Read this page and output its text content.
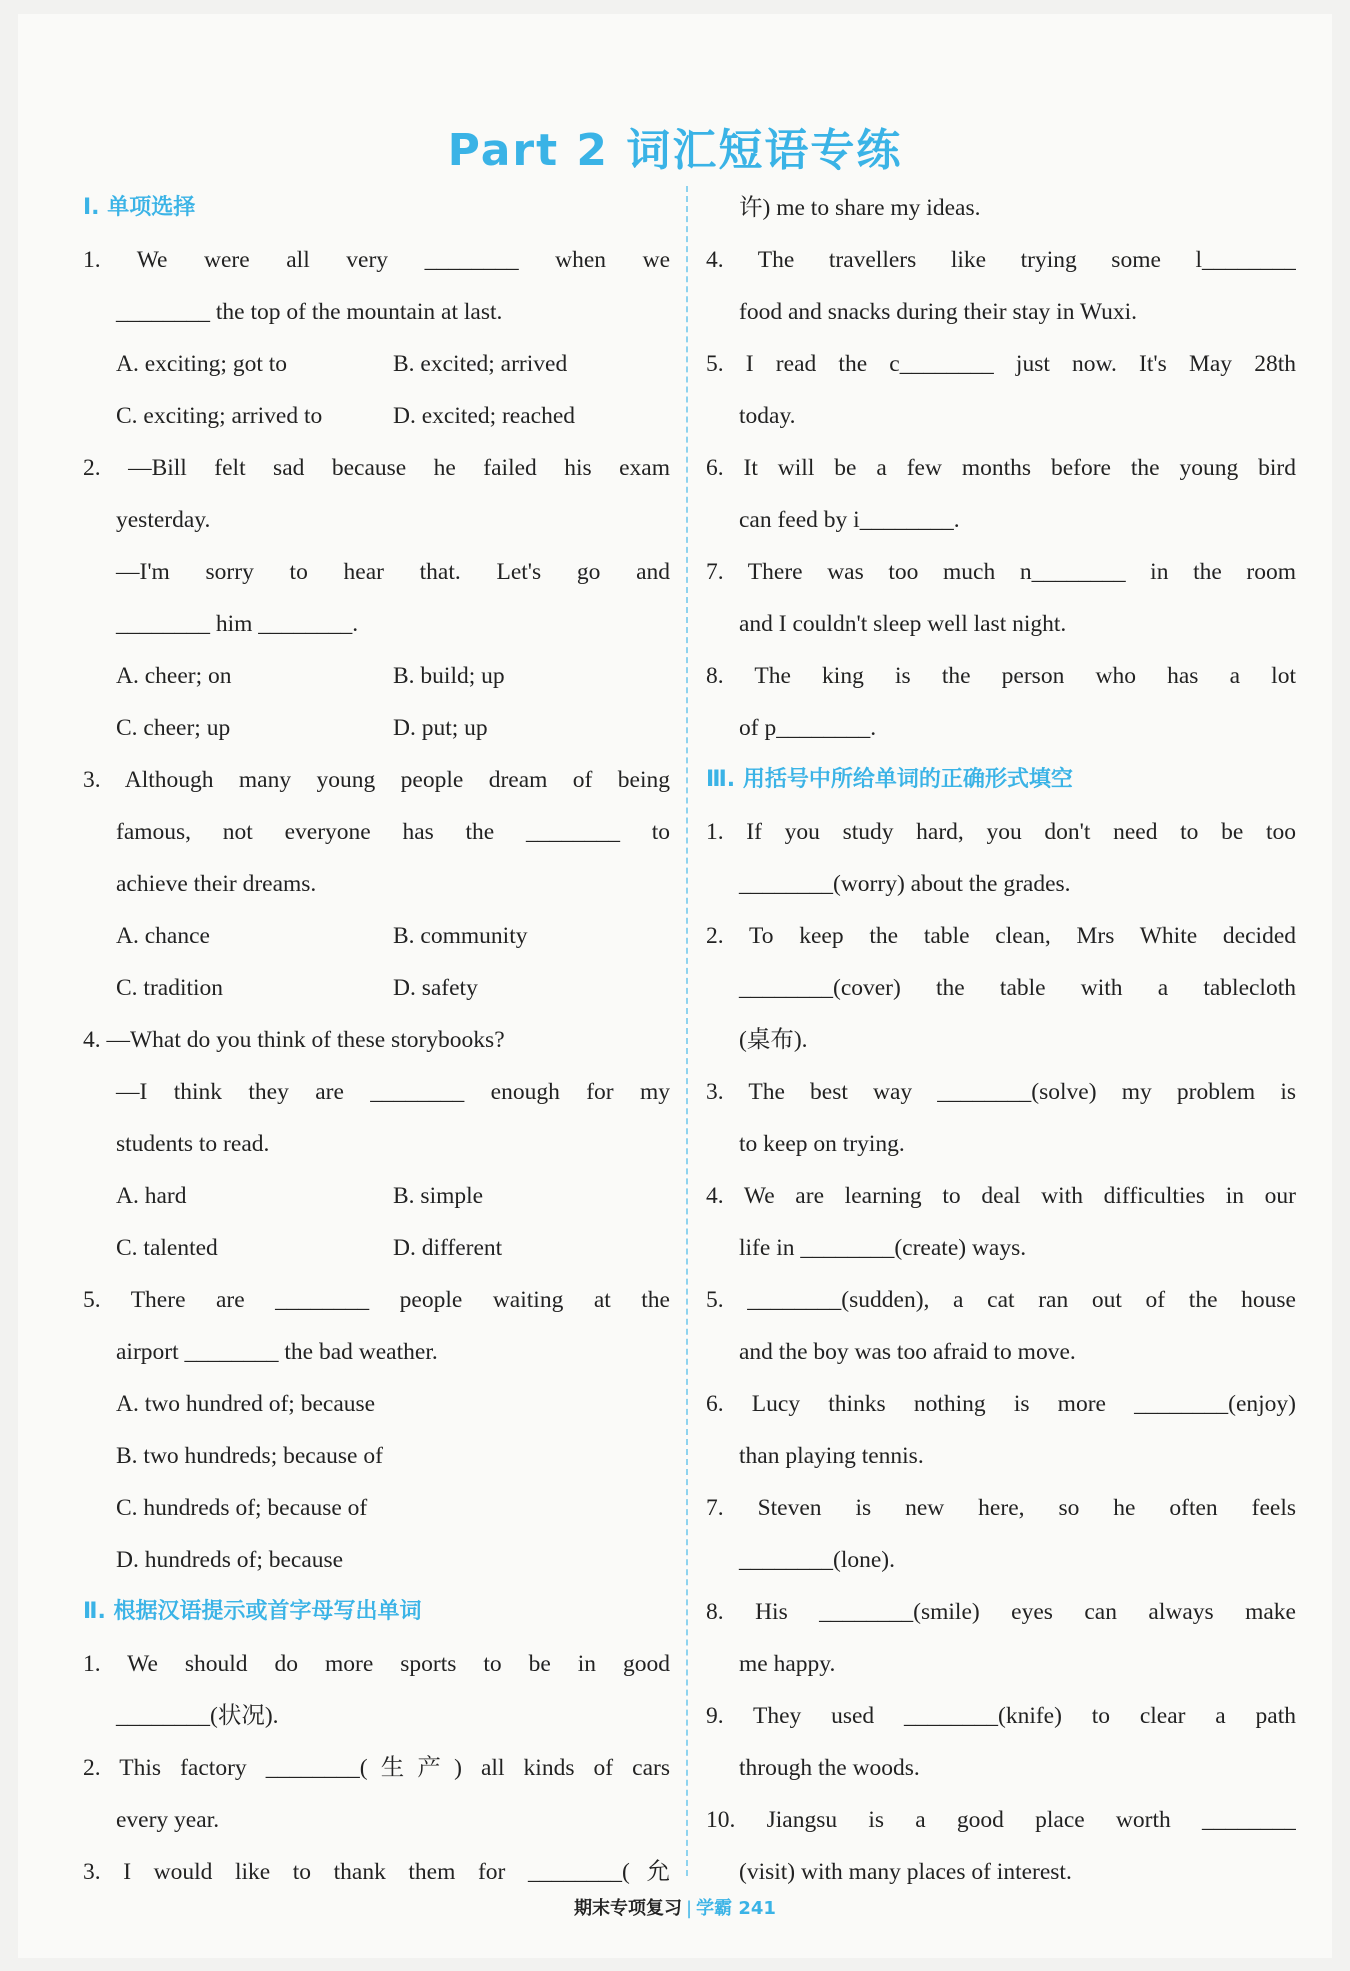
Part 2 词汇短语专练
Ⅰ. 单项选择
1. We were all very ________ when we
________ the top of the mountain at last.
A. exciting; got to	B. excited; arrived
C. exciting; arrived to	D. excited; reached
2. —Bill felt sad because he failed his exam
yesterday.
—I'm sorry to hear that. Let's go and
________ him ________.
A. cheer; on	B. build; up
C. cheer; up	D. put; up
3. Although many young people dream of being
famous, not everyone has the ________ to
achieve their dreams.
A. chance	B. community
C. tradition	D. safety
4. —What do you think of these storybooks?
—I think they are ________ enough for my
students to read.
A. hard	B. simple
C. talented	D. different
5. There are ________ people waiting at the
airport ________ the bad weather.
A. two hundred of; because
B. two hundreds; because of
C. hundreds of; because of
D. hundreds of; because
Ⅱ. 根据汉语提示或首字母写出单词
1. We should do more sports to be in good
________(状况).
2. This factory ________(生产) all kinds of cars
every year.
3. I would like to thank them for ________(允
许) me to share my ideas.
4. The travellers like trying some l________
food and snacks during their stay in Wuxi.
5. I read the c________ just now. It's May 28th
today.
6. It will be a few months before the young bird
can feed by i________.
7. There was too much n________ in the room
and I couldn't sleep well last night.
8. The king is the person who has a lot
of p________.
Ⅲ. 用括号中所给单词的正确形式填空
1. If you study hard, you don't need to be too
________(worry) about the grades.
2. To keep the table clean, Mrs White decided
________(cover) the table with a tablecloth
(桌布).
3. The best way ________(solve) my problem is
to keep on trying.
4. We are learning to deal with difficulties in our
life in ________(create) ways.
5. ________(sudden), a cat ran out of the house
and the boy was too afraid to move.
6. Lucy thinks nothing is more ________(enjoy)
than playing tennis.
7. Steven is new here, so he often feels
________(lone).
8. His ________(smile) eyes can always make
me happy.
9. They used ________(knife) to clear a path
through the woods.
10. Jiangsu is a good place worth ________
(visit) with many places of interest.
期末专项复习 | 学霸 241
